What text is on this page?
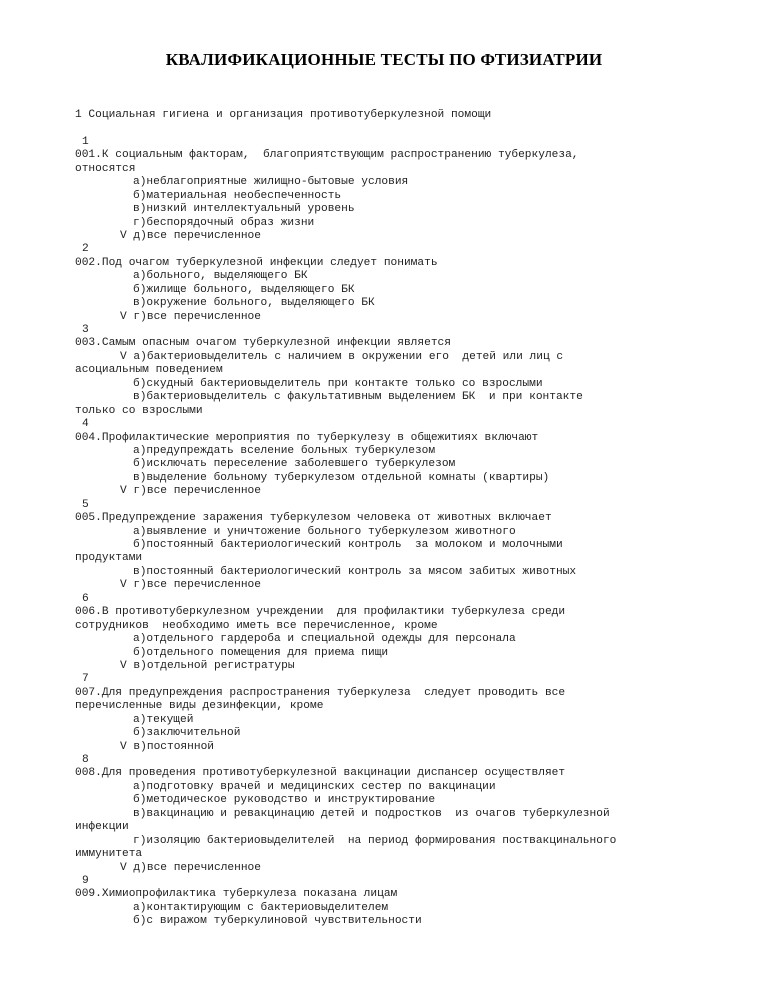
КВАЛИФИКАЦИОННЫЕ ТЕСТЫ ПО ФТИЗИАТРИИ
1 Социальная гигиена и организация противотуберкулезной помощи
1
001.К социальным факторам,  благоприятствующим распространению туберкулеза,
относятся
а)неблагоприятные жилищно-бытовые условия
б)материальная необеспеченность
в)низкий интеллектуальный уровень
г)беспорядочный образ жизни
V д)все перечисленное
2
002.Под очагом туберкулезной инфекции следует понимать
а)больного, выделяющего БК
б)жилище больного, выделяющего БК
в)окружение больного, выделяющего БК
V г)все перечисленное
3
003.Самым опасным очагом туберкулезной инфекции является
V а)бактериовыделитель с наличием в окружении его  детей или лиц с
асоциальным поведением
б)скудный бактериовыделитель при контакте только со взрослыми
в)бактериовыделитель с факультативным выделением БК  и при контакте
только со взрослыми
4
004.Профилактические мероприятия по туберкулезу в общежитиях включают
а)предупреждать вселение больных туберкулезом
б)исключать переселение заболевшего туберкулезом
в)выделение больному туберкулезом отдельной комнаты (квартиры)
V г)все перечисленное
5
005.Предупреждение заражения туберкулезом человека от животных включает
а)выявление и уничтожение больного туберкулезом животного
б)постоянный бактериологический контроль  за молоком и молочными
продуктами
в)постоянный бактериологический контроль за мясом забитых животных
V г)все перечисленное
6
006.В противотуберкулезном учреждении  для профилактики туберкулеза среди
сотрудников  необходимо иметь все перечисленное, кроме
а)отдельного гардероба и специальной одежды для персонала
б)отдельного помещения для приема пищи
V в)отдельной регистратуры
7
007.Для предупреждения распространения туберкулеза  следует проводить все
перечисленные виды дезинфекции, кроме
а)текущей
б)заключительной
V в)постоянной
8
008.Для проведения противотуберкулезной вакцинации диспансер осуществляет
а)подготовку врачей и медицинских сестер по вакцинации
б)методическое руководство и инструктирование
в)вакцинацию и ревакцинацию детей и подростков  из очагов туберкулезной
инфекции
г)изоляцию бактериовыделителей  на период формирования поствакцинального
иммунитета
V д)все перечисленное
9
009.Химиопрофилактика туберкулеза показана лицам
а)контактирующим с бактериовыделителем
б)с виражом туберкулиновой чувствительности
